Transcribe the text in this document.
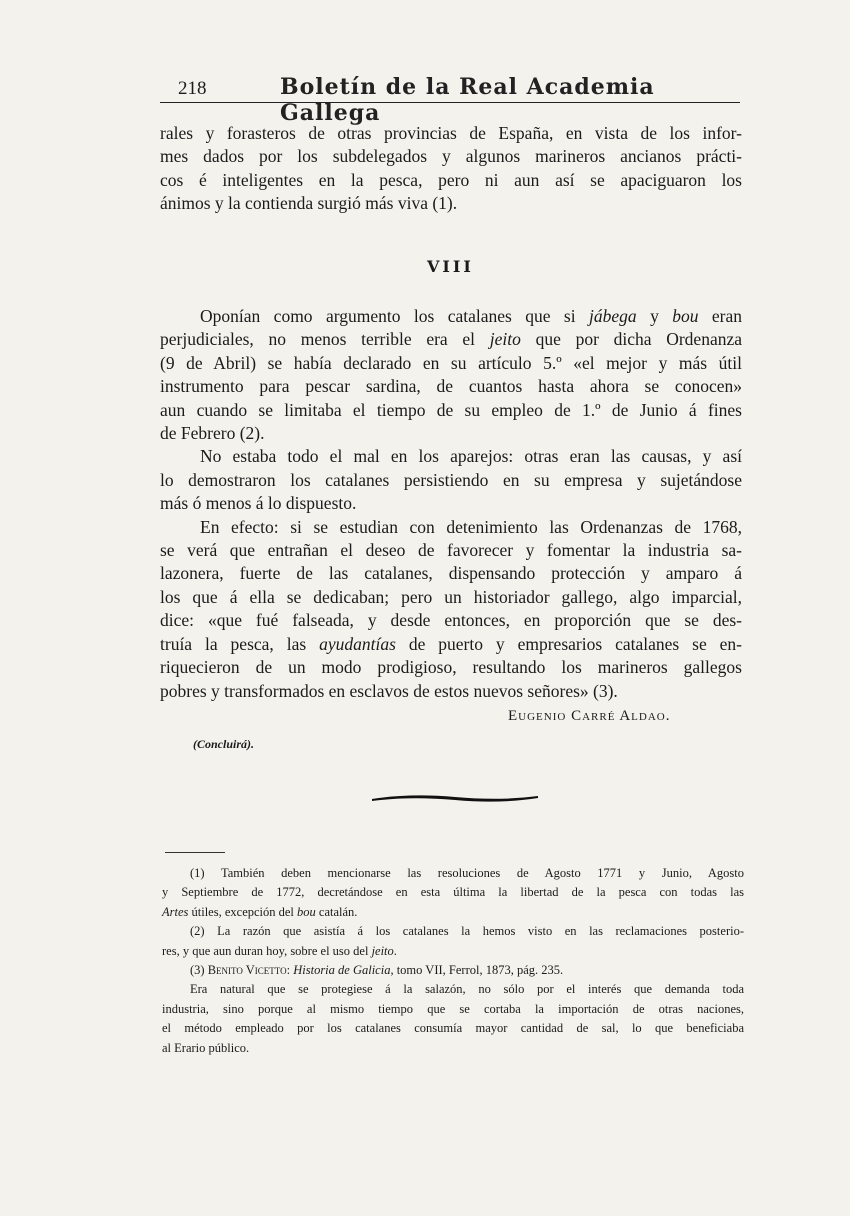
218	Boletín de la Real Academia Gallega
rales y forasteros de otras provincias de España, en vista de los infor-
mes dados por los subdelegados y algunos marineros ancianos prácti-
cos é inteligentes en la pesca, pero ni aun así se apaciguaron los
ánimos y la contienda surgió más viva (1).
VIII
Oponían como argumento los catalanes que si jábega y bou eran
perjudiciales, no menos terrible era el jeito que por dicha Ordenanza
(9 de Abril) se había declarado en su artículo 5.º «el mejor y más útil
instrumento para pescar sardina, de cuantos hasta ahora se conocen»
aun cuando se limitaba el tiempo de su empleo de 1.º de Junio á fines
de Febrero (2).
No estaba todo el mal en los aparejos: otras eran las causas, y así
lo demostraron los catalanes persistiendo en su empresa y sujetándose
más ó menos á lo dispuesto.
En efecto: si se estudian con detenimiento las Ordenanzas de 1768,
se verá que entrañan el deseo de favorecer y fomentar la industria sa-
lazonera, fuerte de las catalanes, dispensando protección y amparo á
los que á ella se dedicaban; pero un historiador gallego, algo imparcial,
dice: «que fué falseada, y desde entonces, en proporción que se des-
truía la pesca, las ayudantías de puerto y empresarios catalanes se en-
riquecieron de un modo prodigioso, resultando los marineros gallegos
pobres y transformados en esclavos de estos nuevos señores» (3).
Eugenio Carré Aldao.
(Concluirá).
(1) También deben mencionarse las resoluciones de Agosto 1771 y Junio, Agosto
y Septiembre de 1772, decretándose en esta última la libertad de la pesca con todas las
Artes útiles, excepción del bou catalán.
(2) La razón que asistía á los catalanes la hemos visto en las reclamaciones posterio-
res, y que aun duran hoy, sobre el uso del jeito.
(3) Benito Vicetto: Historia de Galicia, tomo VII, Ferrol, 1873, pág. 235.
Era natural que se protegiese á la salazón, no sólo por el interés que demanda toda
industria, sino porque al mismo tiempo que se cortaba la importación de otras naciones,
el método empleado por los catalanes consumía mayor cantidad de sal, lo que beneficiaba
al Erario público.
